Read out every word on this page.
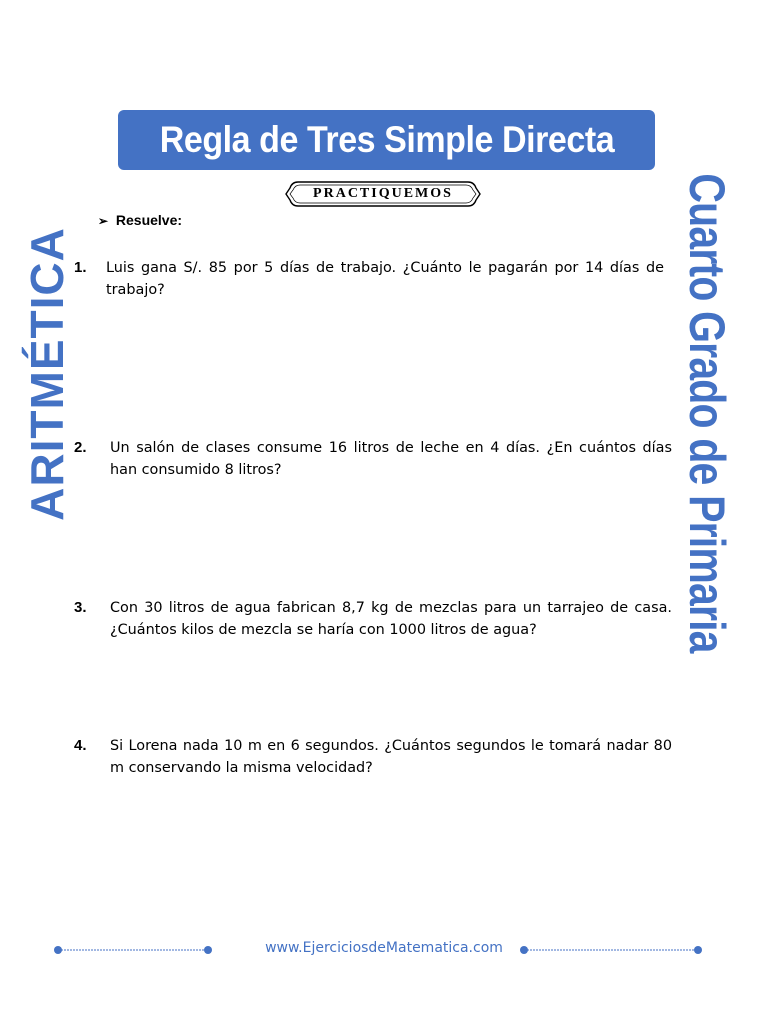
Regla de Tres Simple Directa
PRACTIQUEMOS
ARITMÉTICA	Cuarto Grado de Primaria
➢ Resuelve:
1. Luis gana S/. 85 por 5 días de trabajo. ¿Cuánto le pagarán por 14 días de trabajo?
2. Un salón de clases consume 16 litros de leche en 4 días. ¿En cuántos días han consumido 8 litros?
3. Con 30 litros de agua fabrican 8,7 kg de mezclas para un tarrajeo de casa. ¿Cuántos kilos de mezcla se haría con 1000 litros de agua?
4. Si Lorena nada 10 m en 6 segundos. ¿Cuántos segundos le tomará nadar 80 m conservando la misma velocidad?
www.EjerciciosdeMatematica.com
